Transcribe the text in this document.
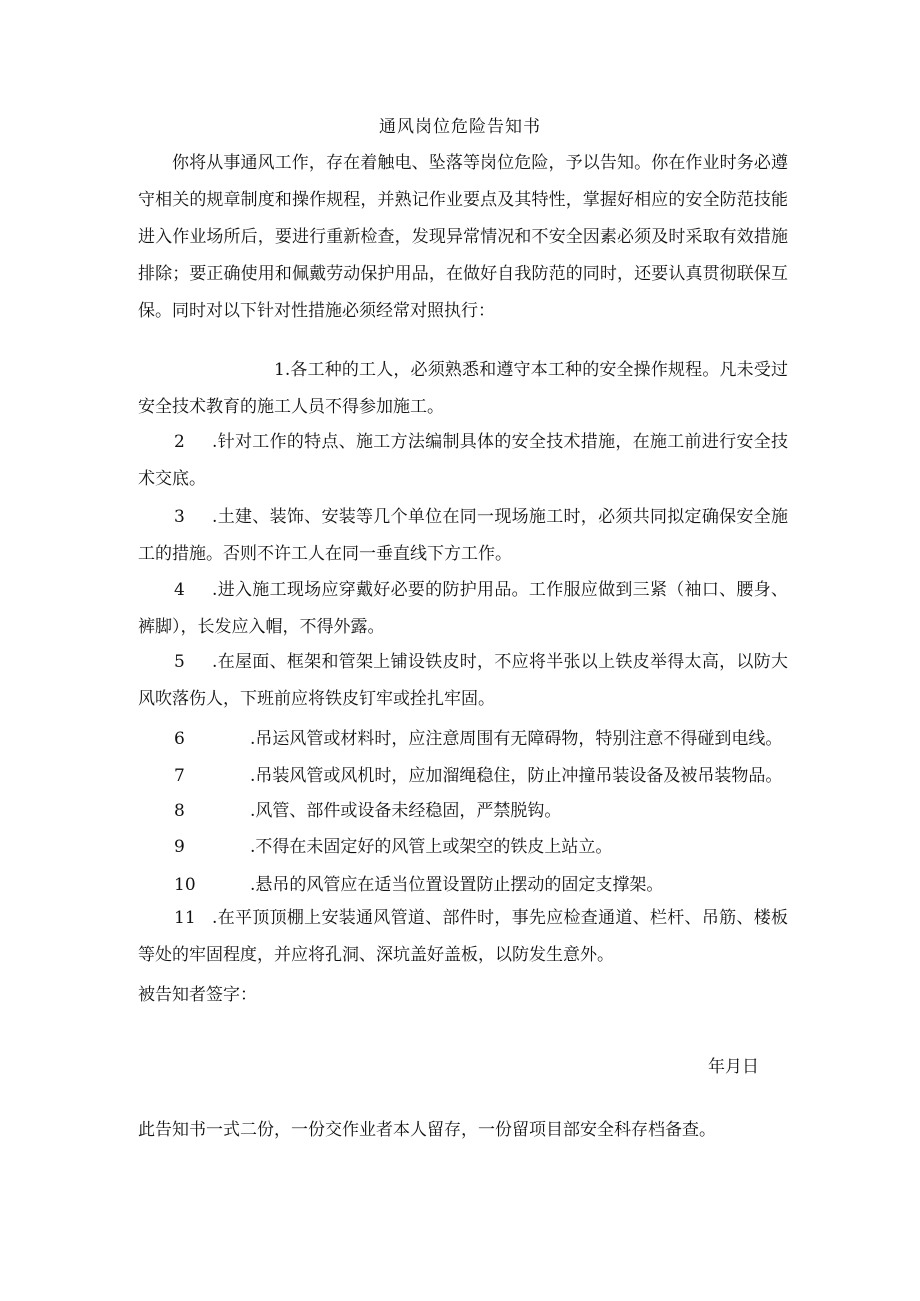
通风岗位危险告知书
你将从事通风工作，存在着触电、坠落等岗位危险，予以告知。你在作业时务必遵守相关的规章制度和操作规程，并熟记作业要点及其特性，掌握好相应的安全防范技能进入作业场所后，要进行重新检查，发现异常情况和不安全因素必须及时采取有效措施排除；要正确使用和佩戴劳动保护用品，在做好自我防范的同时，还要认真贯彻联保互保。同时对以下针对性措施必须经常对照执行：
1.各工种的工人，必须熟悉和遵守本工种的安全操作规程。凡未受过安全技术教育的施工人员不得参加施工。
2 .针对工作的特点、施工方法编制具体的安全技术措施，在施工前进行安全技术交底。
3 .土建、装饰、安装等几个单位在同一现场施工时，必须共同拟定确保安全施工的措施。否则不许工人在同一垂直线下方工作。
4 .进入施工现场应穿戴好必要的防护用品。工作服应做到三紧（袖口、腰身、裤脚），长发应入帽，不得外露。
5 .在屋面、框架和管架上铺设铁皮时，不应将半张以上铁皮举得太高，以防大风吹落伤人，下班前应将铁皮钉牢或拴扎牢固。
6	.吊运风管或材料时，应注意周围有无障碍物，特别注意不得碰到电线。
7	.吊装风管或风机时，应加溜绳稳住，防止冲撞吊装设备及被吊装物品。
8	.风管、部件或设备未经稳固，严禁脱钩。
9	.不得在未固定好的风管上或架空的铁皮上站立。
10	.悬吊的风管应在适当位置设置防止摆动的固定支撑架。
11 .在平顶顶棚上安装通风管道、部件时，事先应检查通道、栏杆、吊筋、楼板等处的牢固程度，并应将孔洞、深坑盖好盖板，以防发生意外。
被告知者签字：
年月日
此告知书一式二份，一份交作业者本人留存，一份留项目部安全科存档备查。
